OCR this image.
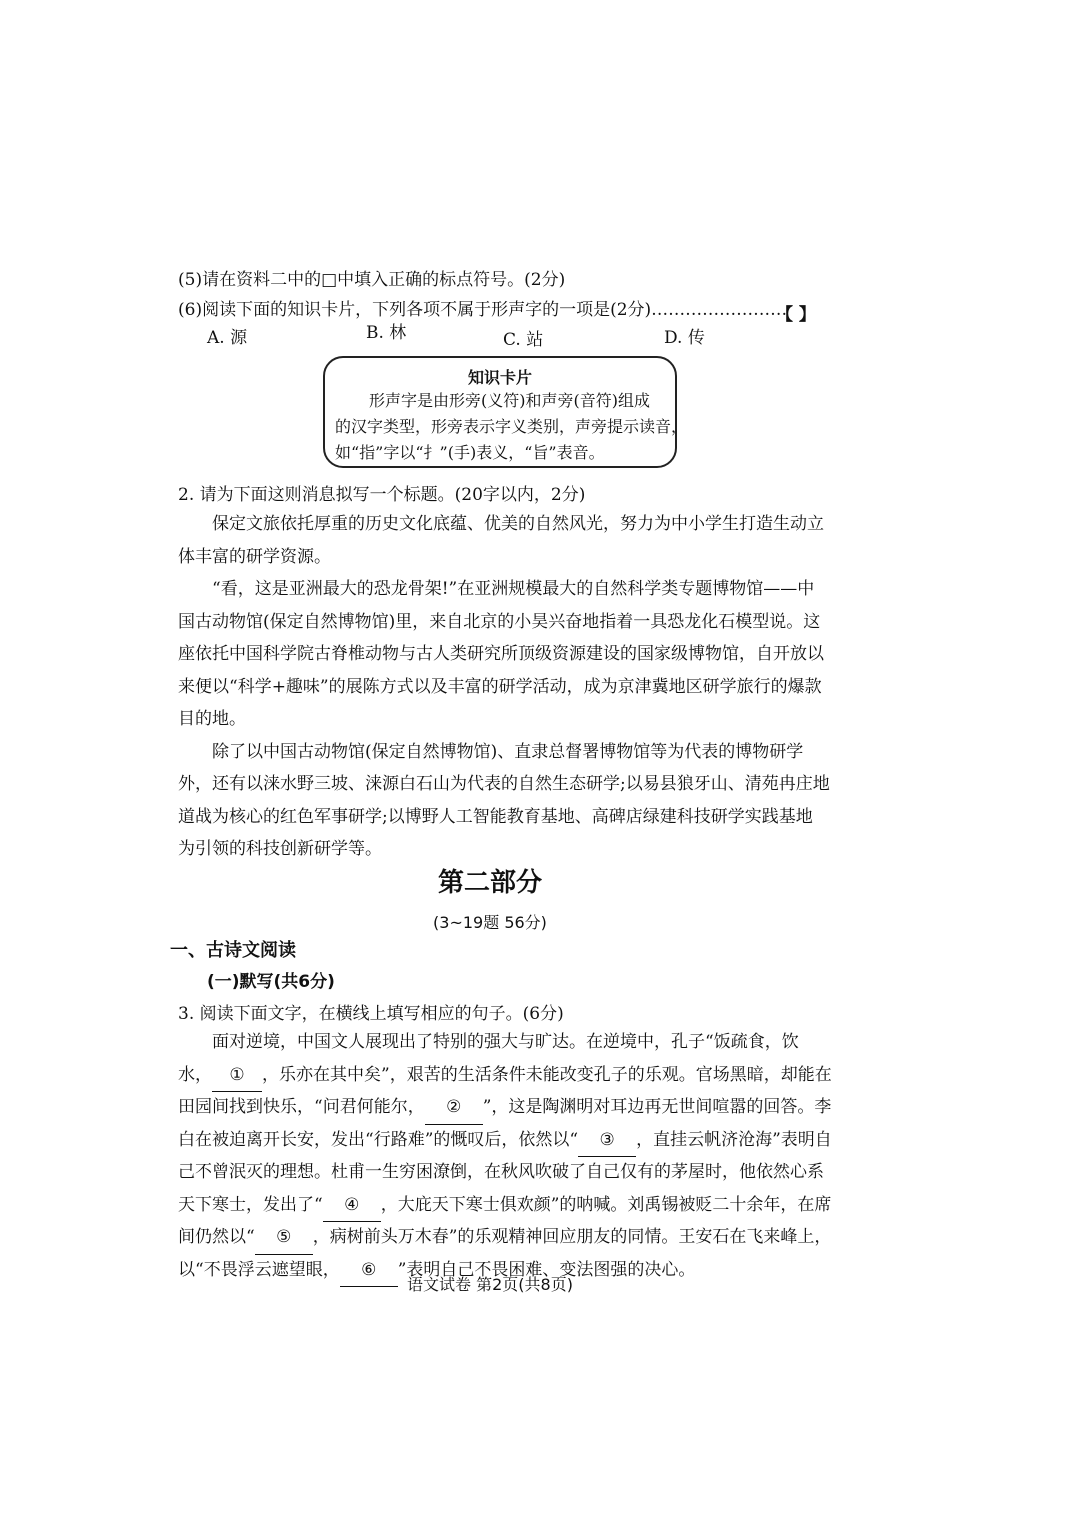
(5)请在资料二中的□中填入正确的标点符号。(2分)
(6)阅读下面的知识卡片，下列各项不属于形声字的一项是(2分)……………………
【 】
A. 源	B. 林	C. 站	D. 传
知识卡片
形声字是由形旁(义符)和声旁(音符)组成
的汉字类型，形旁表示字义类别，声旁提示读音，
如“指”字以“扌”(手)表义，“旨”表音。
2. 请为下面这则消息拟写一个标题。(20字以内，2分)
保定文旅依托厚重的历史文化底蕴、优美的自然风光，努力为中小学生打造生动立
体丰富的研学资源。
“看，这是亚洲最大的恐龙骨架!”在亚洲规模最大的自然科学类专题博物馆——中
国古动物馆(保定自然博物馆)里，来自北京的小昊兴奋地指着一具恐龙化石模型说。这
座依托中国科学院古脊椎动物与古人类研究所顶级资源建设的国家级博物馆，自开放以
来便以“科学+趣味”的展陈方式以及丰富的研学活动，成为京津冀地区研学旅行的爆款
目的地。
除了以中国古动物馆(保定自然博物馆)、直隶总督署博物馆等为代表的博物研学
外，还有以涞水野三坡、涞源白石山为代表的自然生态研学;以易县狼牙山、清苑冉庄地
道战为核心的红色军事研学;以博野人工智能教育基地、高碑店绿建科技研学实践基地
为引领的科技创新研学等。
第二部分
(3~19题 56分)
一、古诗文阅读
(一)默写(共6分)
3. 阅读下面文字，在横线上填写相应的句子。(6分)
面对逆境，中国文人展现出了特别的强大与旷达。在逆境中，孔子“饭疏食，饮
水， ① ，乐亦在其中矣”，艰苦的生活条件未能改变孔子的乐观。官场黑暗，却能在
田园间找到快乐，“问君何能尔， ② ”，这是陶渊明对耳边再无世间喧嚣的回答。李
白在被迫离开长安，发出“行路难”的慨叹后，依然以“ ③ ，直挂云帆济沧海”表明自
己不曾泯灭的理想。杜甫一生穷困潦倒，在秋风吹破了自己仅有的茅屋时，他依然心系
天下寒士，发出了“ ④ ，大庇天下寒士俱欢颜”的呐喊。刘禹锡被贬二十余年，在席
间仍然以“ ⑤ ，病树前头万木春”的乐观精神回应朋友的同情。王安石在飞来峰上，
以“不畏浮云遮望眼， ⑥ ”表明自己不畏困难、变法图强的决心。
语文试卷 第2页(共8页)
